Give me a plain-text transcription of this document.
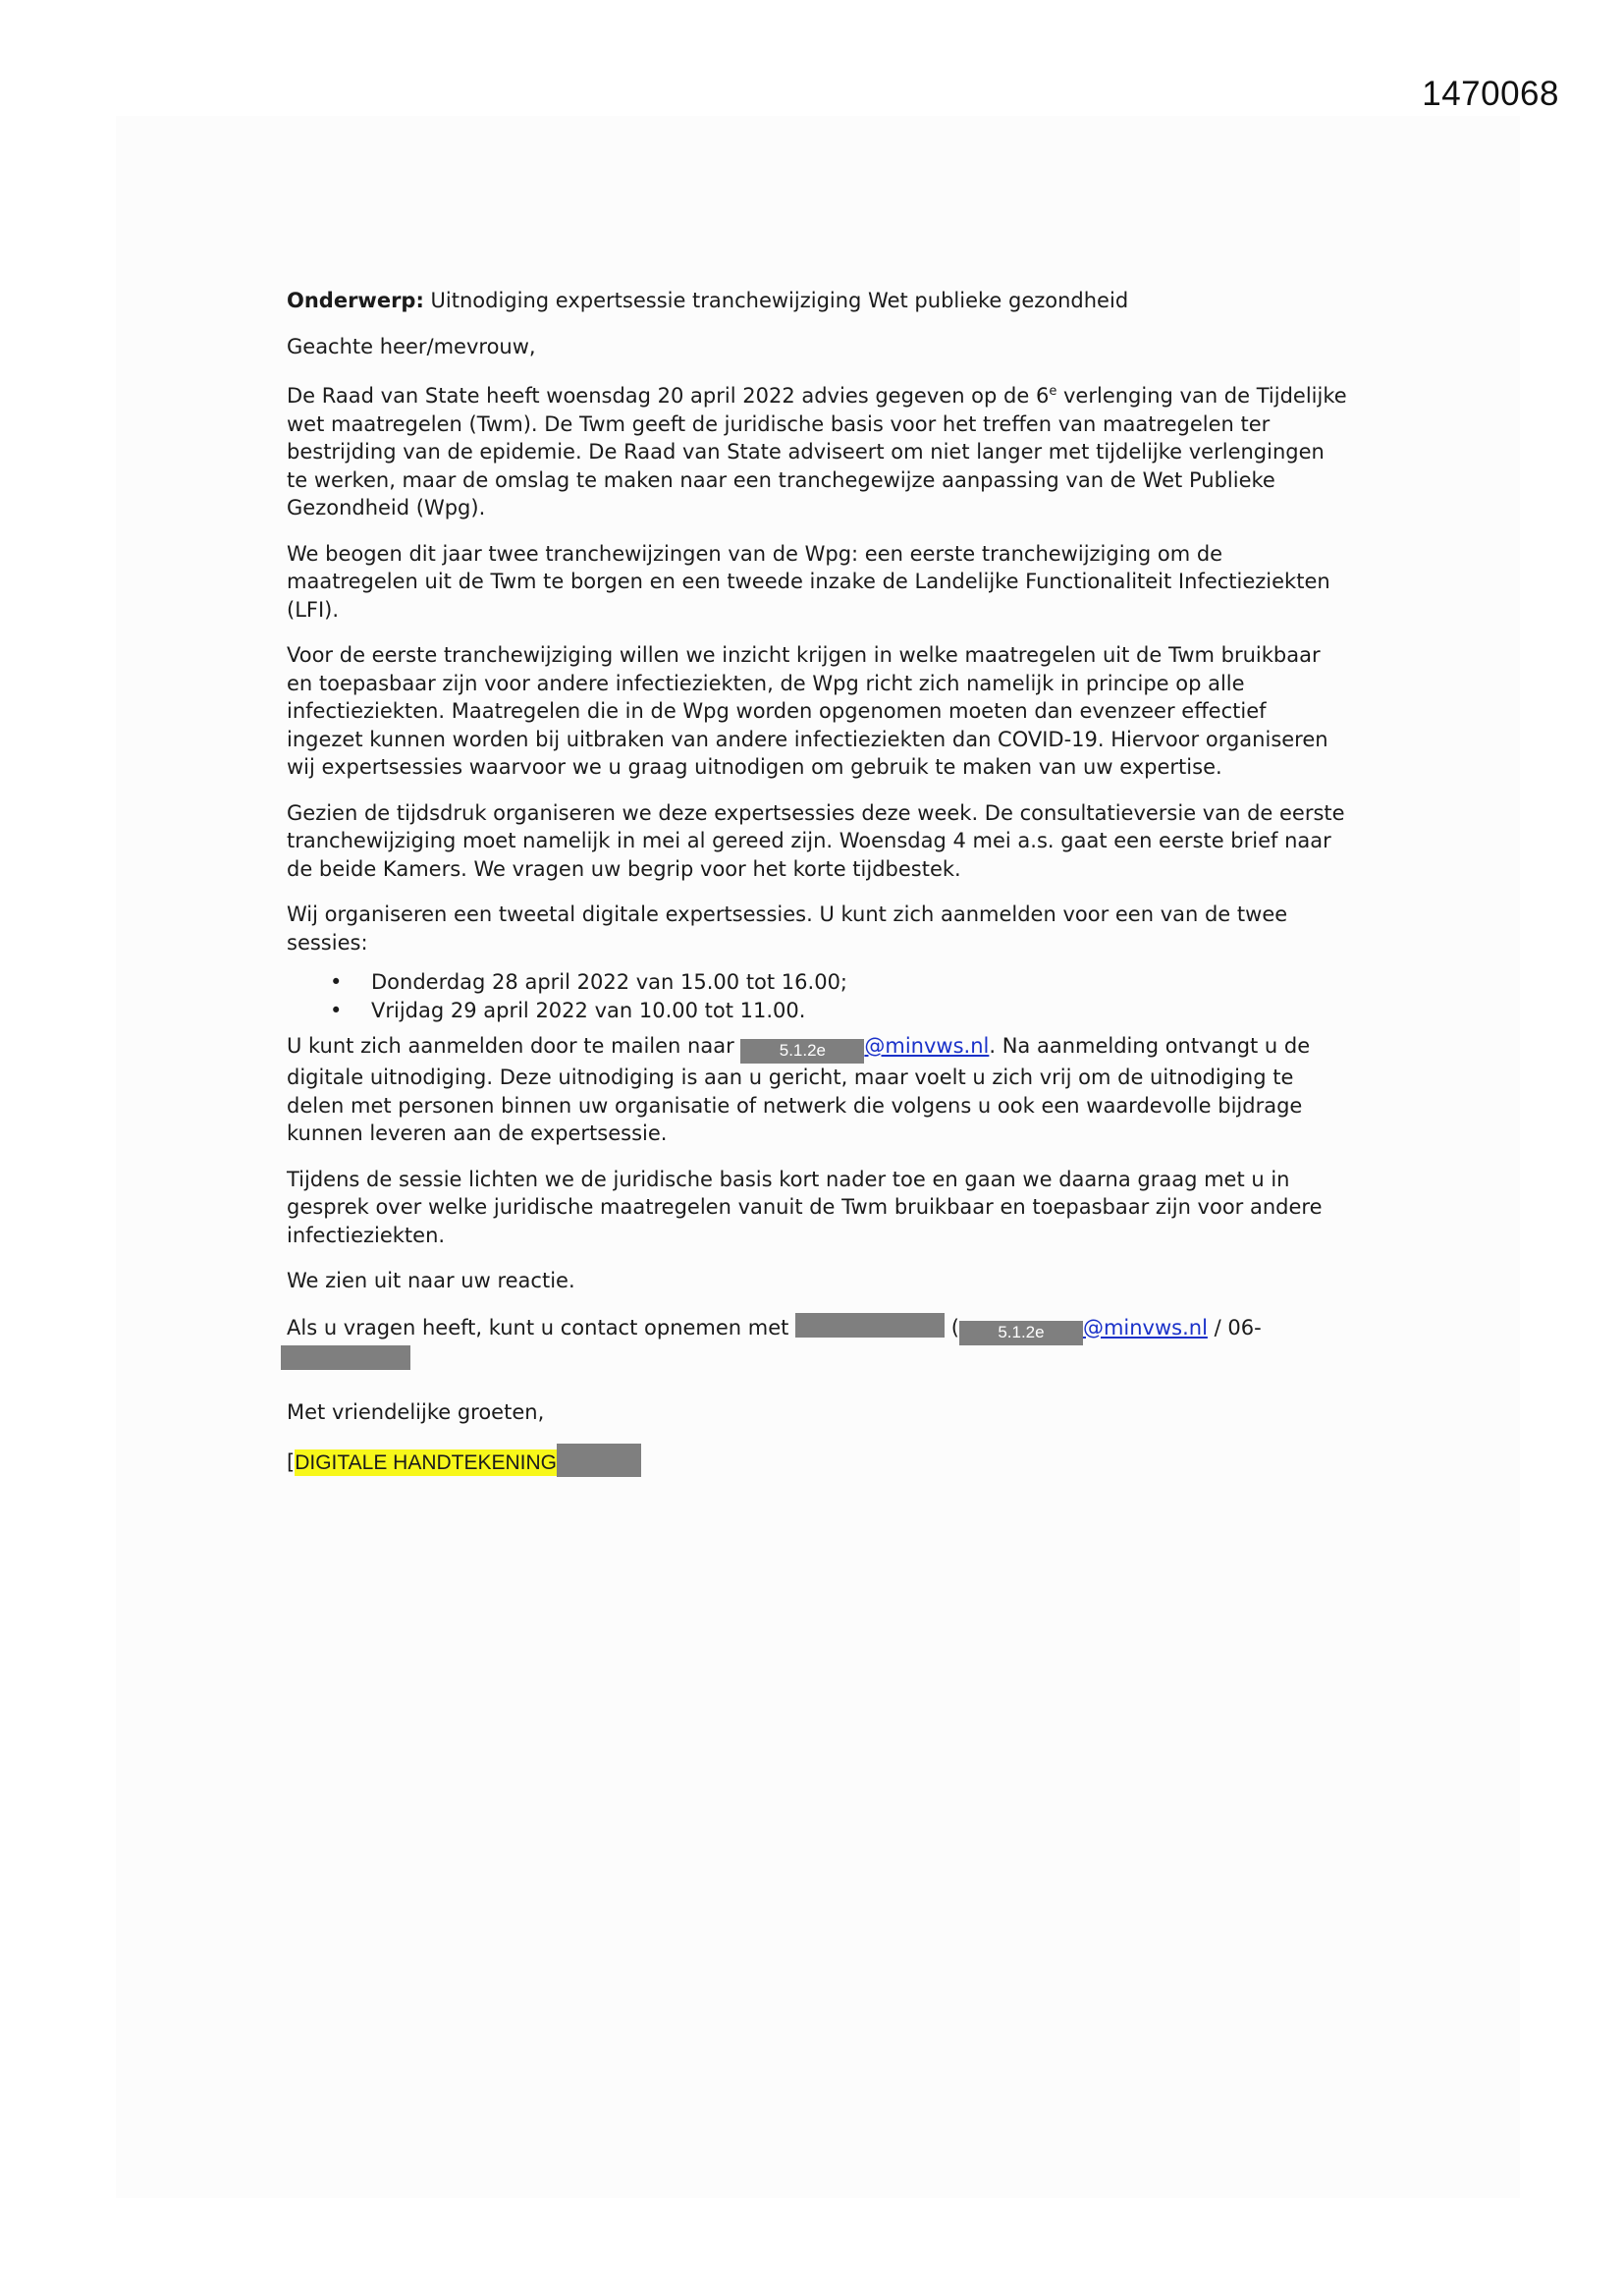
1470068

Onderwerp: Uitnodiging expertsessie tranchewijziging Wet publieke gezondheid

Geachte heer/mevrouw,

De Raad van State heeft woensdag 20 april 2022 advies gegeven op de 6e verlenging van de Tijdelijke wet maatregelen (Twm). De Twm geeft de juridische basis voor het treffen van maatregelen ter bestrijding van de epidemie. De Raad van State adviseert om niet langer met tijdelijke verlengingen te werken, maar de omslag te maken naar een tranchegewijze aanpassing van de Wet Publieke Gezondheid (Wpg).

We beogen dit jaar twee tranchewijzingen van de Wpg: een eerste tranchewijziging om de maatregelen uit de Twm te borgen en een tweede inzake de Landelijke Functionaliteit Infectieziekten (LFI).

Voor de eerste tranchewijziging willen we inzicht krijgen in welke maatregelen uit de Twm bruikbaar en toepasbaar zijn voor andere infectieziekten, de Wpg richt zich namelijk in principe op alle infectieziekten. Maatregelen die in de Wpg worden opgenomen moeten dan evenzeer effectief ingezet kunnen worden bij uitbraken van andere infectieziekten dan COVID-19. Hiervoor organiseren wij expertsessies waarvoor we u graag uitnodigen om gebruik te maken van uw expertise.

Gezien de tijdsdruk organiseren we deze expertsessies deze week. De consultatieversie van de eerste tranchewijziging moet namelijk in mei al gereed zijn. Woensdag 4 mei a.s. gaat een eerste brief naar de beide Kamers. We vragen uw begrip voor het korte tijdbestek.

Wij organiseren een tweetal digitale expertsessies. U kunt zich aanmelden voor een van de twee sessies:

• Donderdag 28 april 2022 van 15.00 tot 16.00;
• Vrijdag 29 april 2022 van 10.00 tot 11.00.

U kunt zich aanmelden door te mailen naar 5.1.2e @minvws.nl. Na aanmelding ontvangt u de digitale uitnodiging. Deze uitnodiging is aan u gericht, maar voelt u zich vrij om de uitnodiging te delen met personen binnen uw organisatie of netwerk die volgens u ook een waardevolle bijdrage kunnen leveren aan de expertsessie.

Tijdens de sessie lichten we de juridische basis kort nader toe en gaan we daarna graag met u in gesprek over welke juridische maatregelen vanuit de Twm bruikbaar en toepasbaar zijn voor andere infectieziekten.

We zien uit naar uw reactie.

Als u vragen heeft, kunt u contact opnemen met	( 5.1.2e @minvws.nl / 06-

Met vriendelijke groeten,

[DIGITALE HANDTEKENING
